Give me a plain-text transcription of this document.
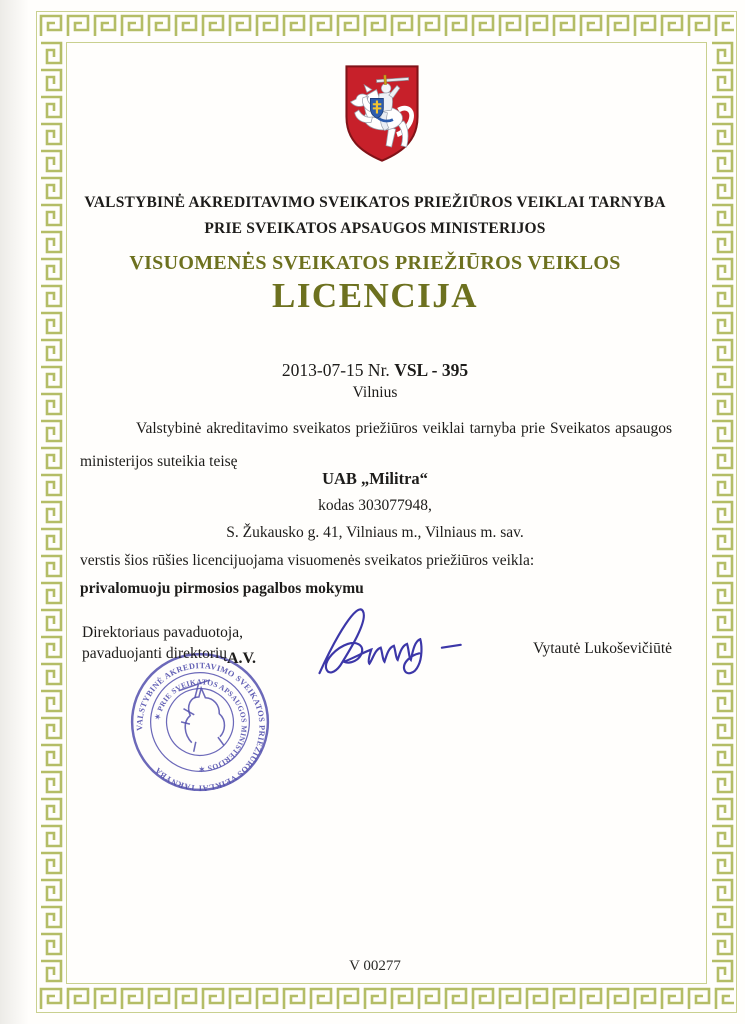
VALSTYBINĖ AKREDITAVIMO SVEIKATOS PRIEŽIŪROS VEIKLAI TARNYBA
PRIE SVEIKATOS APSAUGOS MINISTERIJOS
VISUOMENĖS SVEIKATOS PRIEŽIŪROS VEIKLOS
LICENCIJA
2013-07-15 Nr. VSL - 395
Vilnius
Valstybinė akreditavimo sveikatos priežiūros veiklai tarnyba prie Sveikatos apsaugos ministerijos suteikia teisę
UAB „Militra“
kodas 303077948,
S. Žukausko g. 41, Vilniaus m., Vilniaus m. sav.
verstis šios rūšies licencijuojama visuomenės sveikatos priežiūros veikla:
privalomuoju pirmosios pagalbos mokymu
Direktoriaus pavaduotoja,
pavaduojanti direktorių A.V.
Vytautė Lukoševičiūtė
VALSTYBINĖ AKREDITAVIMO SVEIKATOS PRIEŽIŪROS VEIKLAI TARNYBA
✶ PRIE SVEIKATOS APSAUGOS MINISTERIJOS ✶
V 00277
